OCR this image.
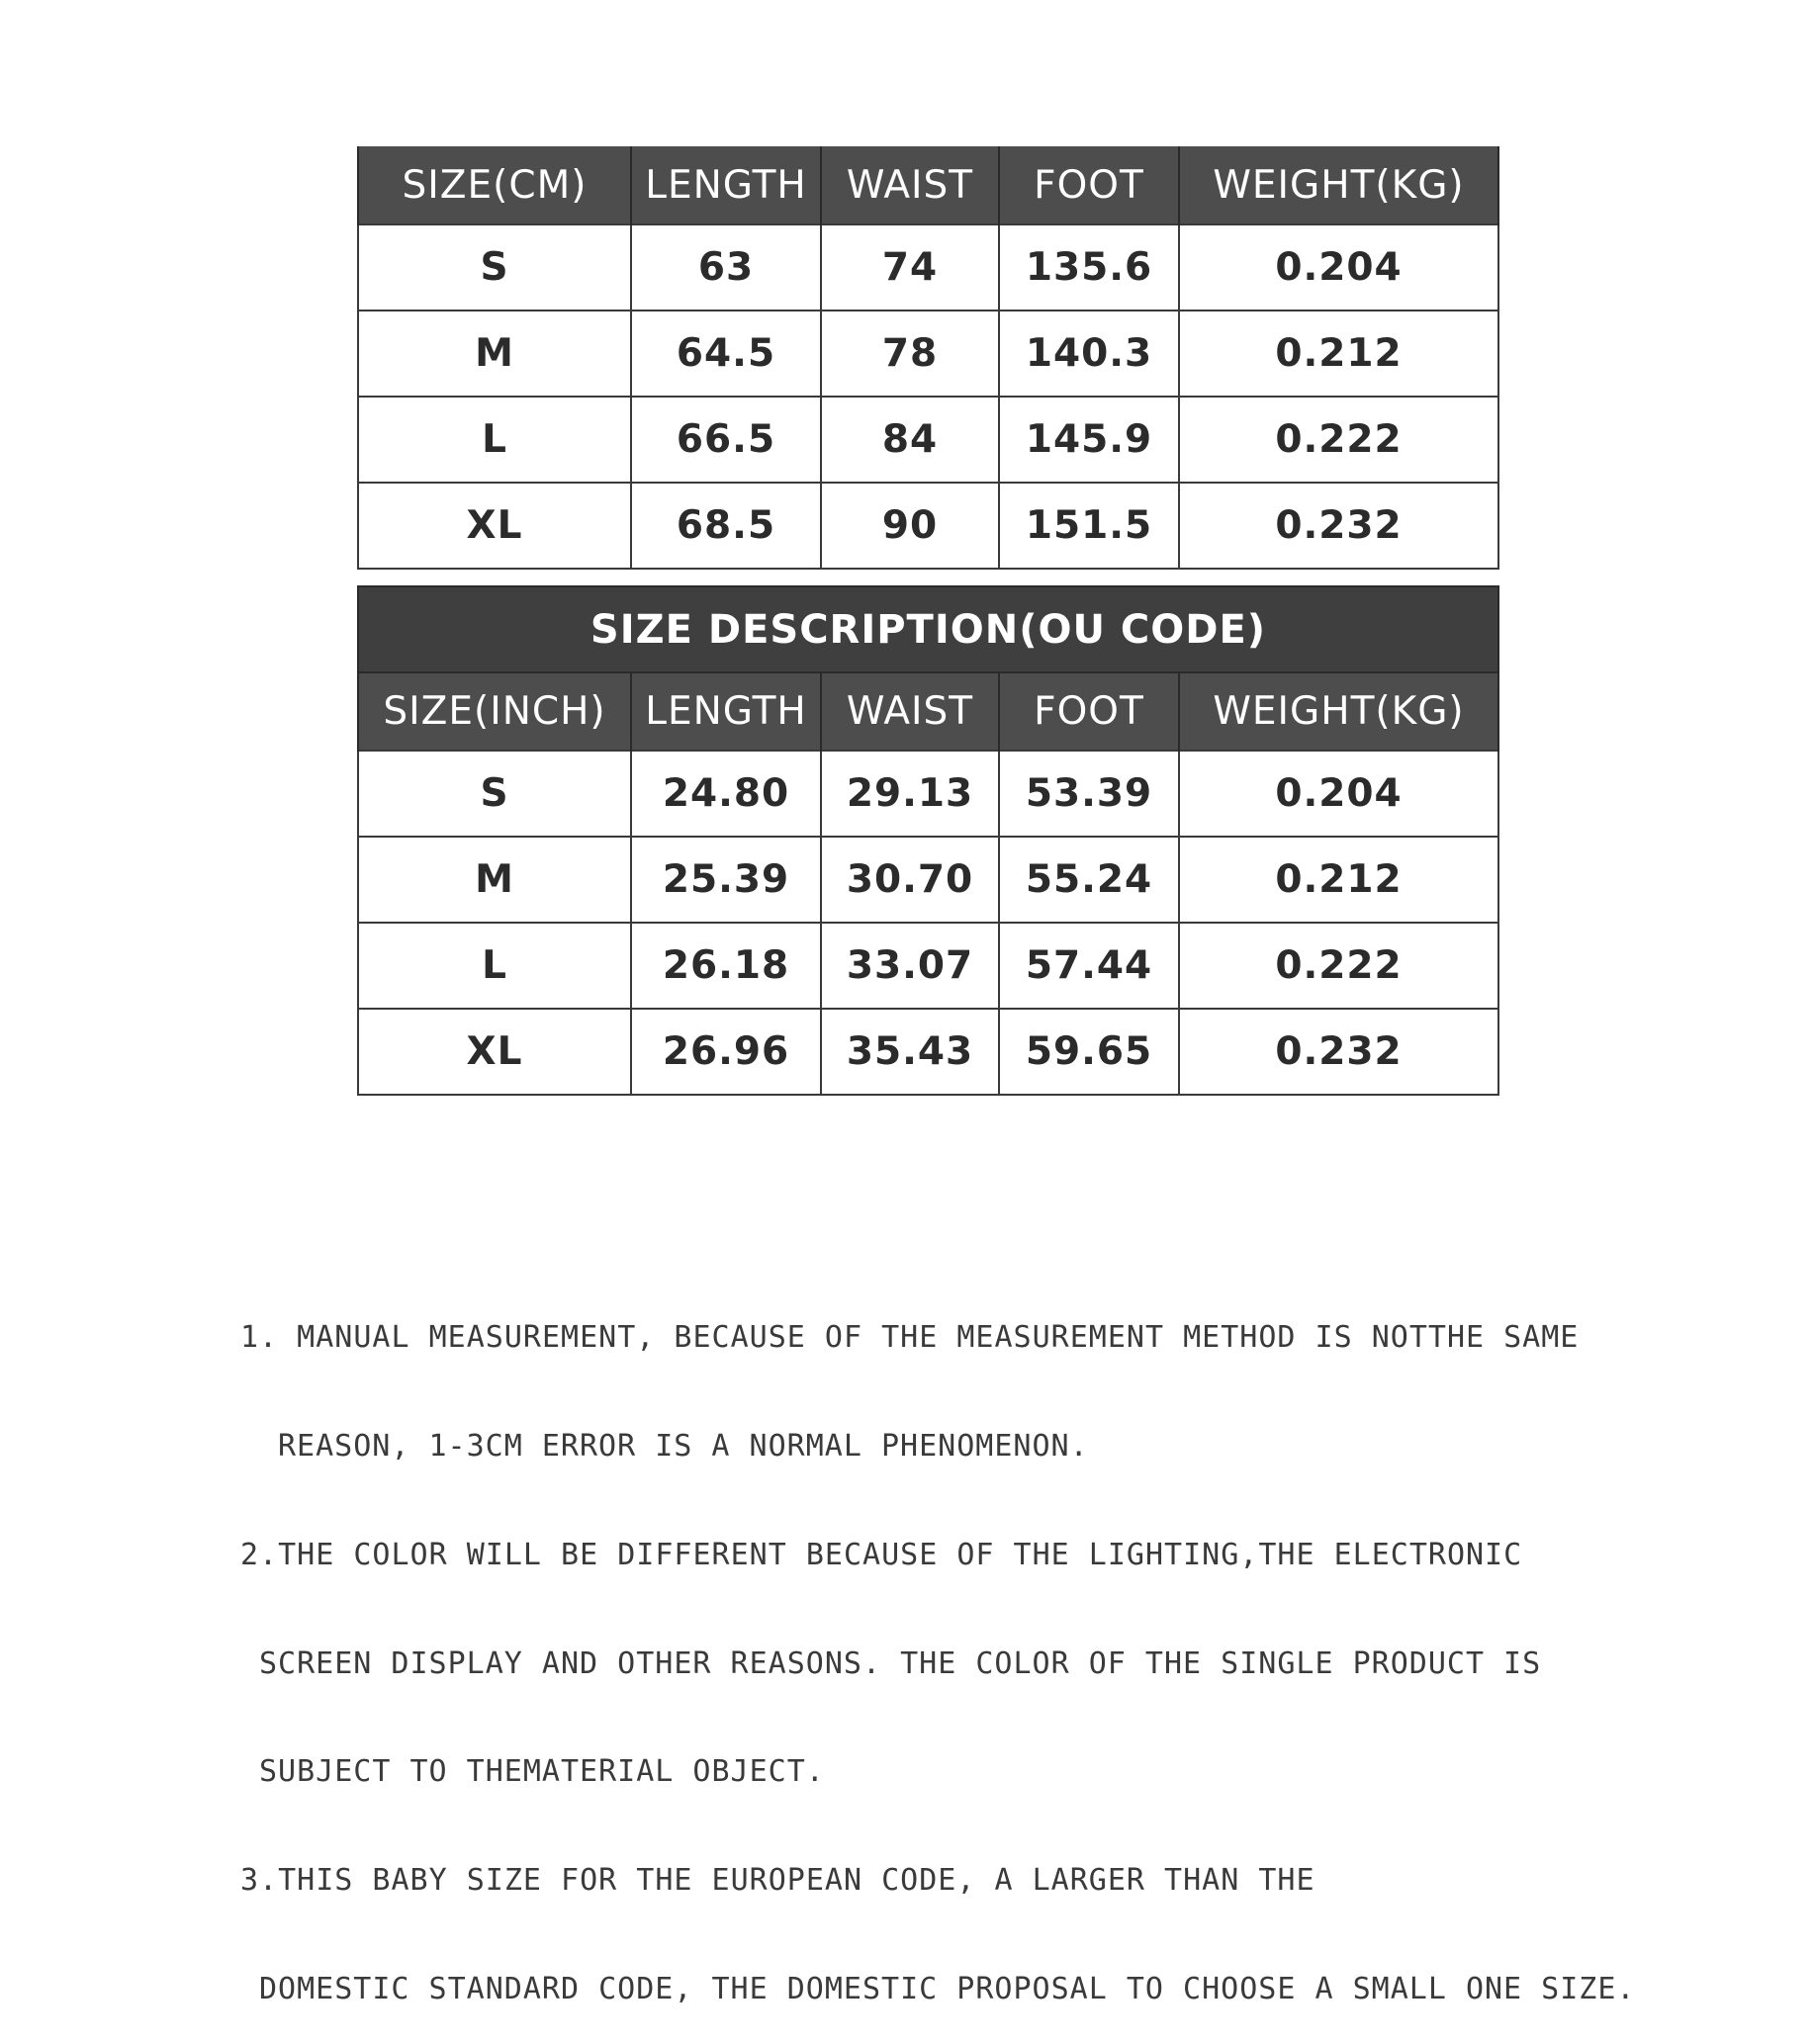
SIZE(CM)	LENGTH	WAIST	FOOT	WEIGHT(KG)
S	63	74	135.6	0.204
M	64.5	78	140.3	0.212
L	66.5	84	145.9	0.222
XL	68.5	90	151.5	0.232
SIZE DESCRIPTION(OU CODE)				
SIZE(INCH)	LENGTH	WAIST	FOOT	WEIGHT(KG)
S	24.80	29.13	53.39	0.204
M	25.39	30.70	55.24	0.212
L	26.18	33.07	57.44	0.222
XL	26.96	35.43	59.65	0.232

1. MANUAL MEASUREMENT, BECAUSE OF THE MEASUREMENT METHOD IS NOTTHE SAME

REASON, 1-3CM ERROR IS A NORMAL PHENOMENON.

2.THE COLOR WILL BE DIFFERENT BECAUSE OF THE LIGHTING,THE ELECTRONIC

SCREEN DISPLAY AND OTHER REASONS. THE COLOR OF THE SINGLE PRODUCT IS

SUBJECT TO THEMATERIAL OBJECT.

3.THIS BABY SIZE FOR THE EUROPEAN CODE, A LARGER THAN THE

DOMESTIC STANDARD CODE, THE DOMESTIC PROPOSAL TO CHOOSE A SMALL ONE SIZE.
